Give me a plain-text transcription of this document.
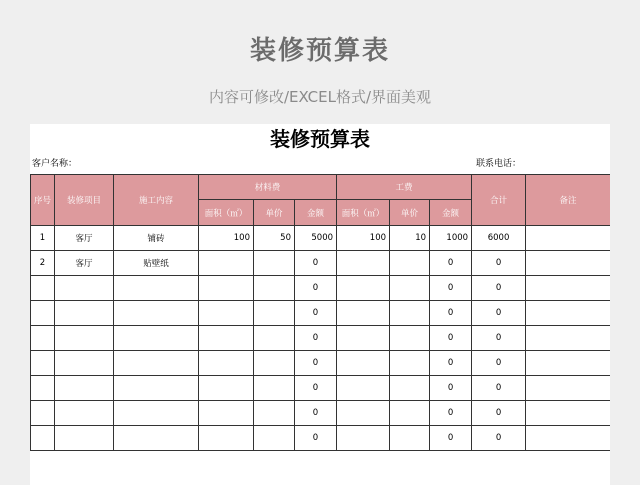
装修预算表
内容可修改/EXCEL格式/界面美观
装修预算表
客户名称：	联系电话：
序号	装修项目	施工内容	材料费			工费			合计	备注
			面积（㎡）	单价	金额	面积（㎡）	单价	金额		
1	客厅	铺砖	100	50	5000	100	10	1000	6000	
2	客厅	贴壁纸			0			0	0	
					0			0	0	
					0			0	0	
					0			0	0	
					0			0	0	
					0			0	0	
					0			0	0	
					0			0	0	
